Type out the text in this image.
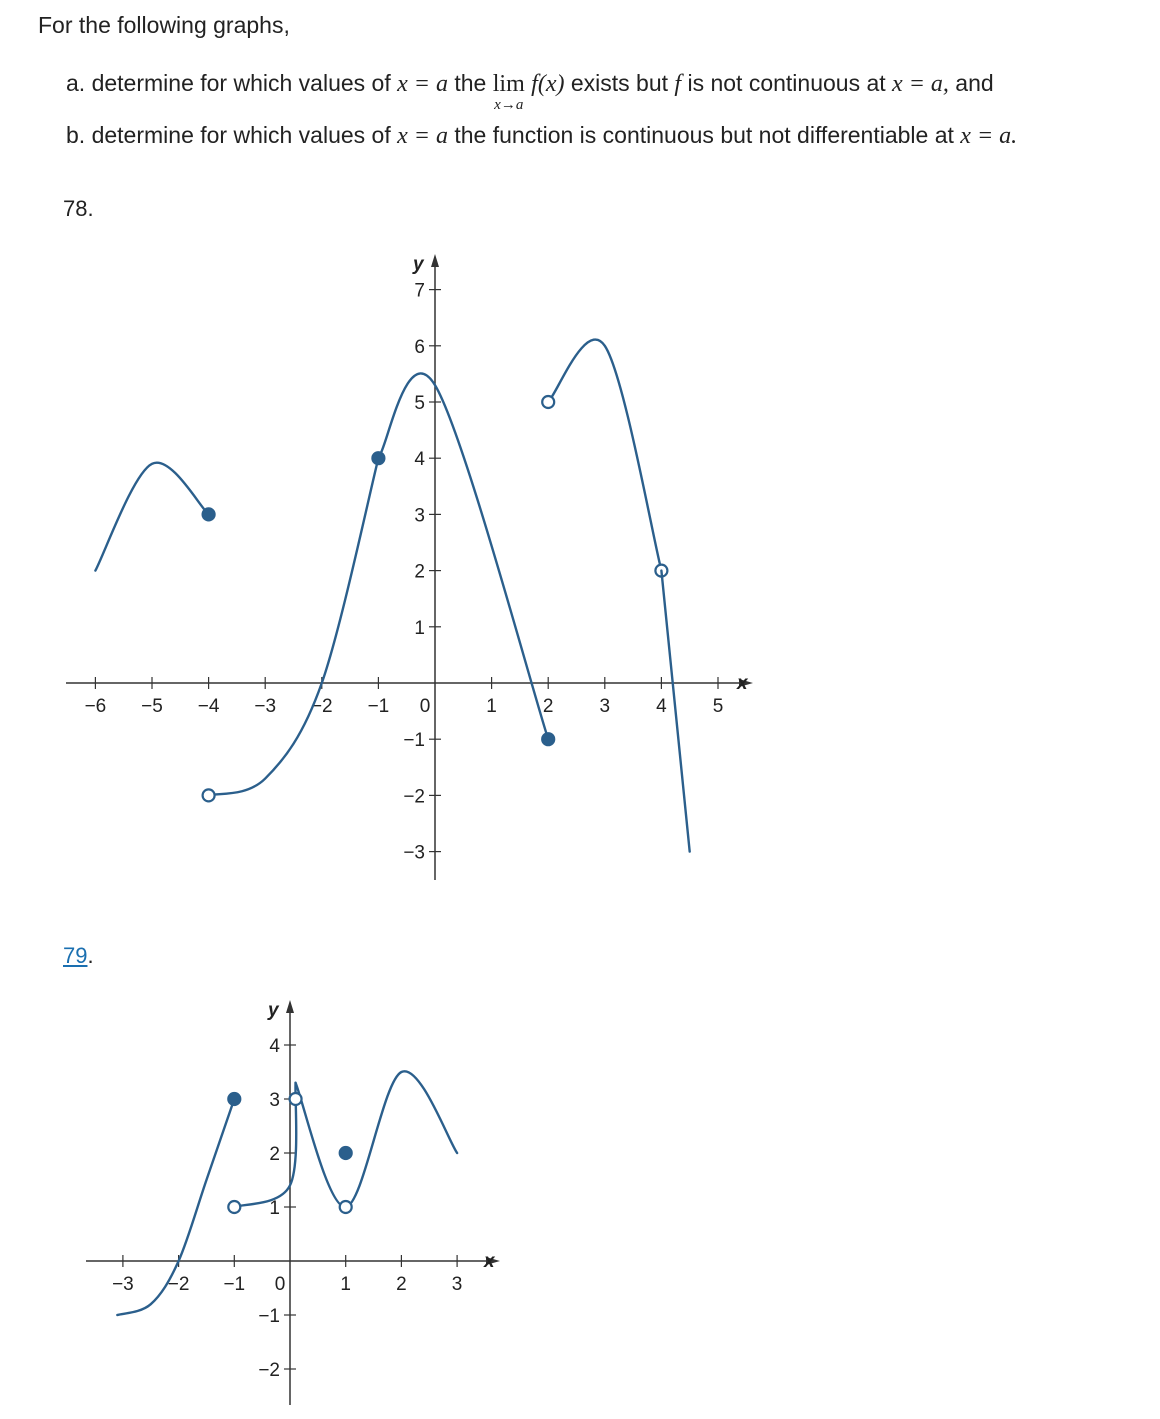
For the following graphs,
a. determine for which values of x = a the lim
x→a
f(x) exists but f is not continuous at x = a, and
b. determine for which values of x = a the function is continuous but not differentiable at x = a.
78.
79.
−6 −5 −4 −3 −2 −1 0	1 2 3 4 5
7
6
5
4
3
2
1
−1
−2
−3
x
y
−3 −2 −1 0	1 2 3
4
3
2
1
−1
−2
x
y
